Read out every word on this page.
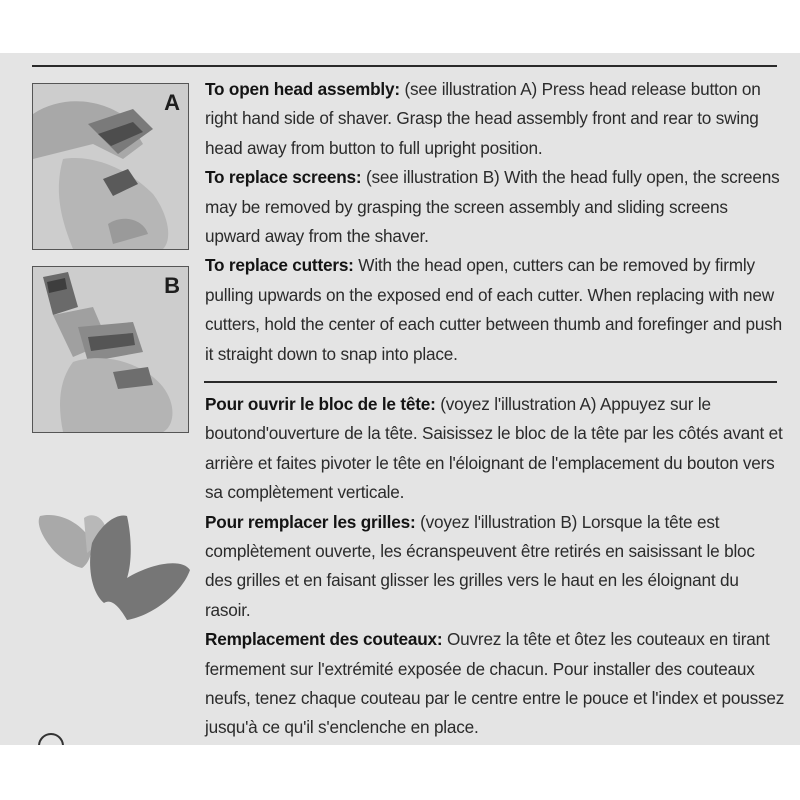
A
B

To open head assembly: (see illustration A) Press head release button on right hand side of shaver. Grasp the head assembly front and rear to swing head away from button to full upright position.

To replace screens: (see illustration B) With the head fully open, the screens may be removed by grasping the screen assembly and sliding screens upward away from the shaver.

To replace cutters: With the head open, cutters can be removed by firmly pulling upwards on the exposed end of each cutter. When replacing with new cutters, hold the center of each cutter between thumb and forefinger and push it straight down to snap into place.

Pour ouvrir le bloc de le tête: (voyez l'illustration A) Appuyez sur le boutond'ouverture de la tête. Saisissez le bloc de la tête par les côtés avant et arrière et faites pivoter le tête en l'éloignant de l'emplacement du bouton vers sa complètement verticale.

Pour remplacer les grilles: (voyez l'illustration B) Lorsque la tête est complètement ouverte, les écranspeuvent être retirés en saisissant le bloc des grilles et en faisant glisser les grilles vers le haut en les éloignant du rasoir.

Remplacement des couteaux: Ouvrez la tête et ôtez les couteaux en tirant fermement sur l'extrémité exposée de chacun. Pour installer des couteaux neufs, tenez chaque couteau par le centre entre le pouce et l'index et poussez jusqu'à ce qu'il s'enclenche en place.
